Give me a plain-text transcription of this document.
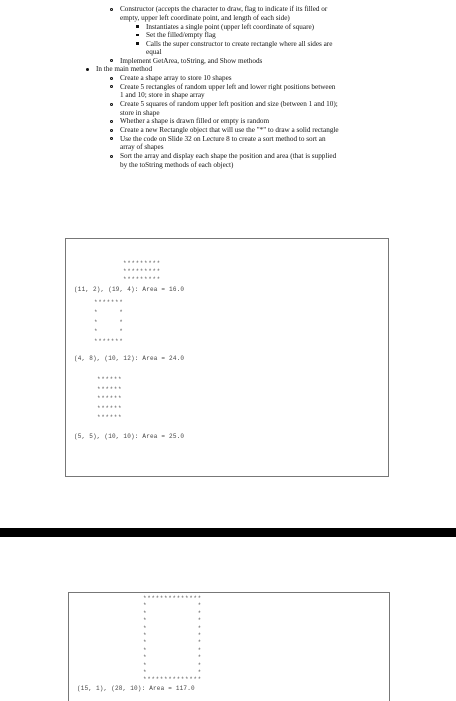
Constructor (accepts the character to draw, flag to indicate if its filled or
empty, upper left coordinate point, and length of each side)
Instantiates a single point (upper left coordinate of square)
Set the filled/empty flag
Calls the super constructor to create rectangle where all sides are
equal
Implement GetArea, toString, and Show methods
In the main method
Create a shape array to store 10 shapes
Create 5 rectangles of random upper left and lower right positions between
1 and 10; store in shape array
Create 5 squares of random upper left position and size (between 1 and 10);
store in shape
Whether a shape is drawn filled or empty is random
Create a new Rectangle object that will use the "*" to draw a solid rectangle
Use the code on Slide 32 on Lecture 8 to create a sort method to sort an
array of shapes
Sort the array and display each shape the position and area (that is supplied
by the toString methods of each object)
*********
*********
*********
(11, 2), (19, 4): Area = 16.0
*******
*     *
*     *
*     *
*******
(4, 8), (10, 12): Area = 24.0
******
******
******
******
******
(5, 5), (10, 10): Area = 25.0
**************
*            *
*            *
*            *
*            *
*            *
*            *
*            *
*            *
*            *
*            *
**************
(15, 1), (28, 10): Area = 117.0
